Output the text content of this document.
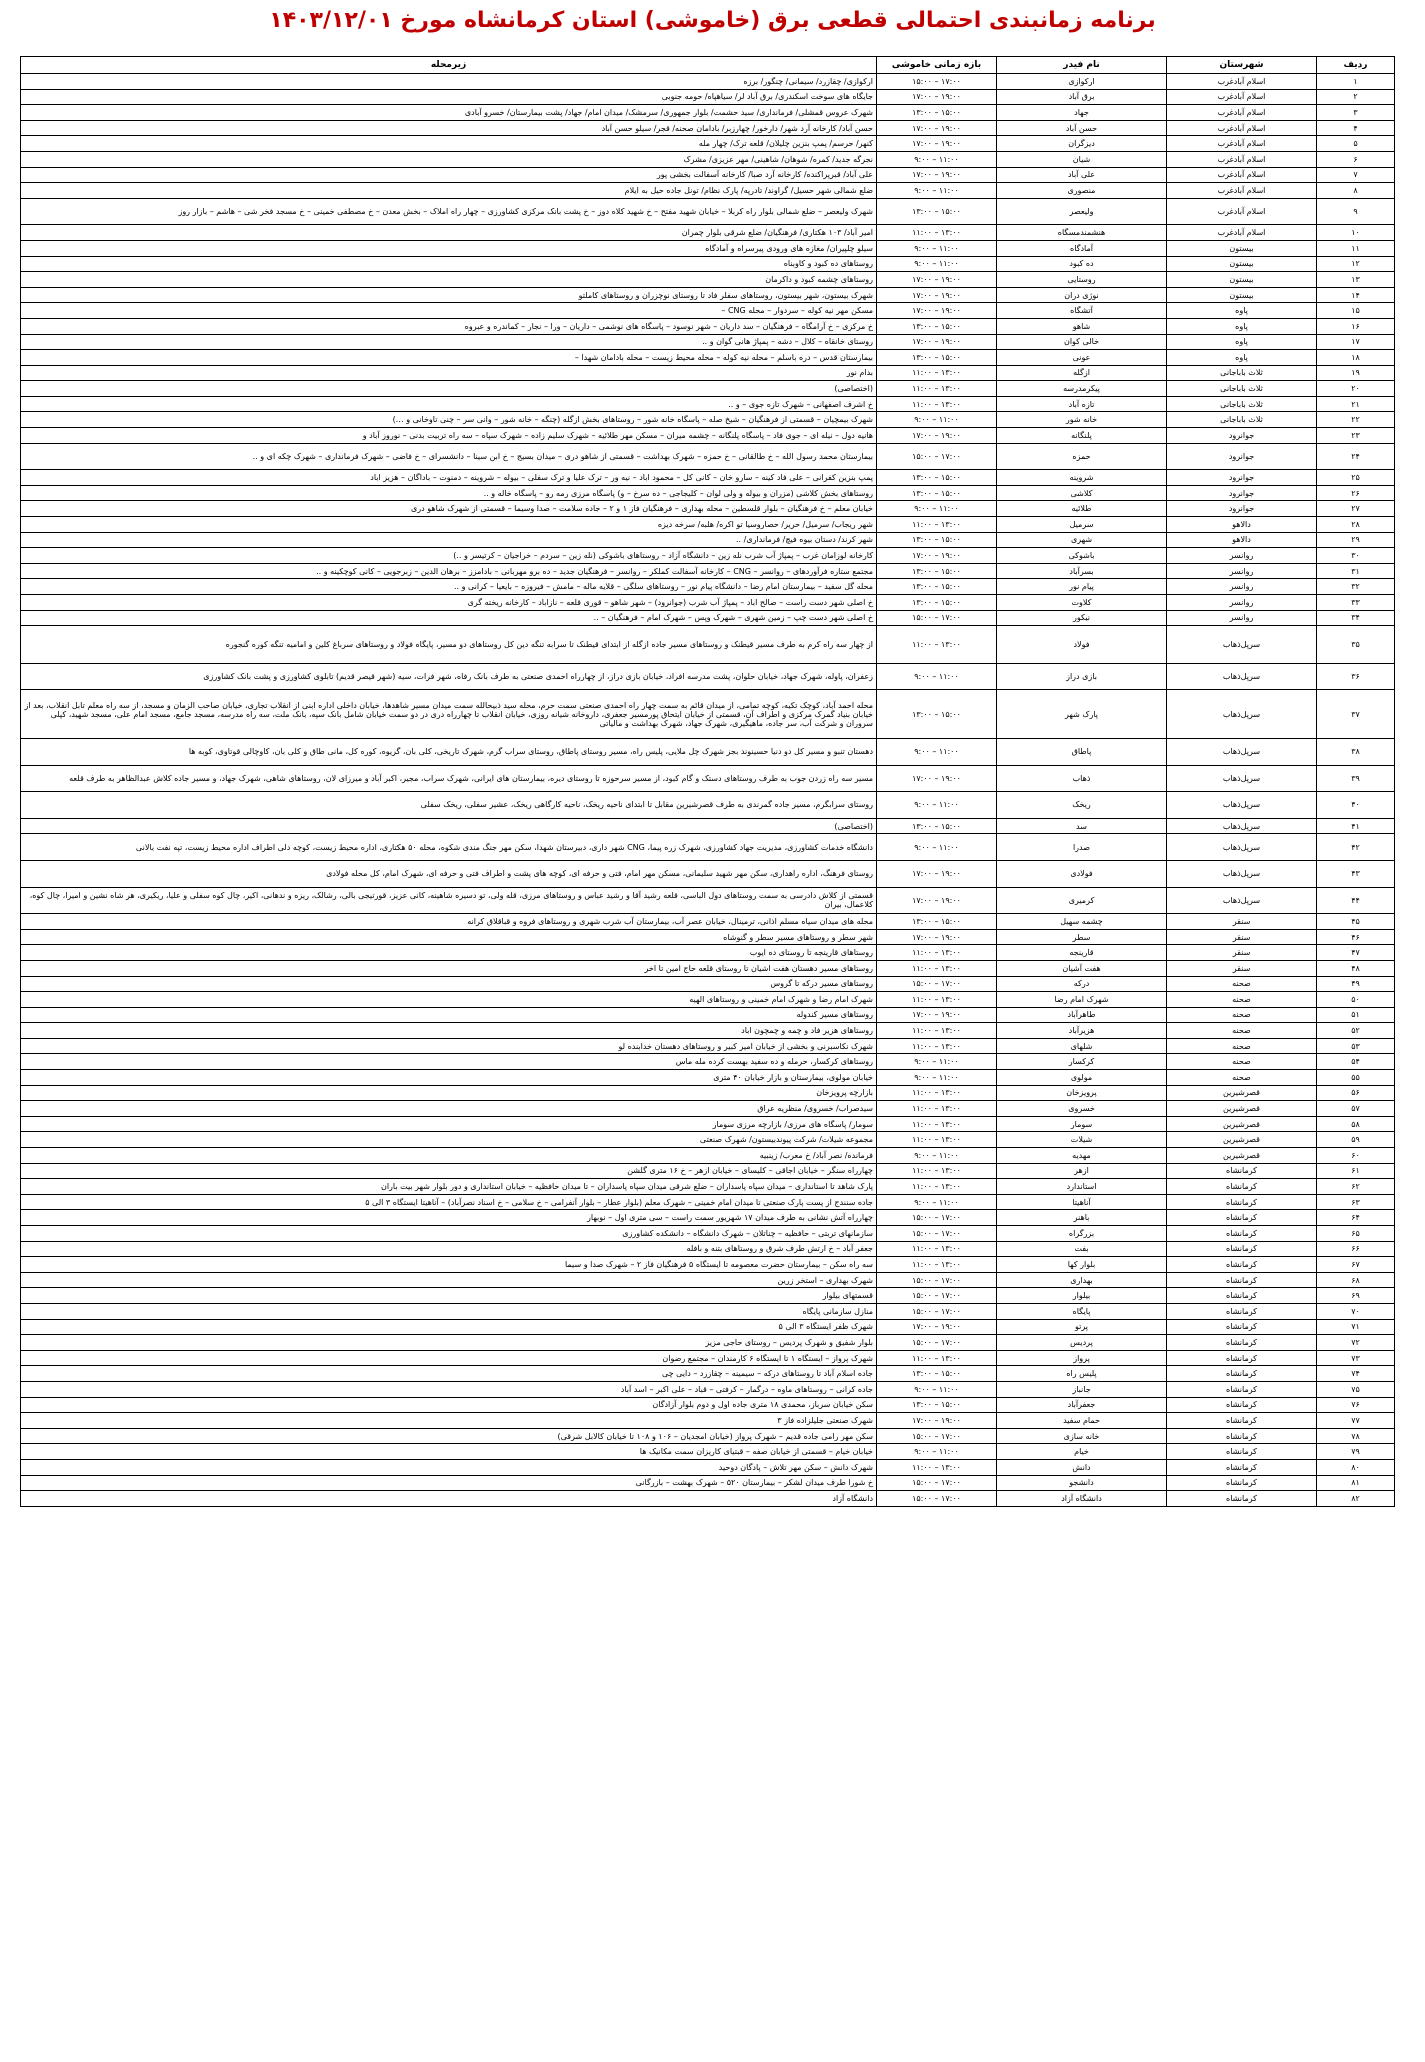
برنامه زمانبندی احتمالی قطعی برق (خاموشی) استان کرمانشاه مورخ ۱۴۰۳/۱۲/۰۱
ردیف	شهرستان	نام فیدر	بازه زمانی خاموشی	زیرمحله
۱	اسلام آبادغرب	ارکوازی	۱۵:۰۰ – ۱۷:۰۰	ارکوازی/ چقازرد/ سیمانی/ چنگور/ برزه
۲	اسلام آبادغرب	برق آباد	۱۷:۰۰ – ۱۹:۰۰	جایگاه های سوخت اسکندری/ برق آباد لر/ سیاهپاه/ حومه جنوبی
۳	اسلام آبادغرب	جهاد	۱۳:۰۰ – ۱۵:۰۰	شهرک عروس قمشلی/ فرمانداری/ سید حشمت/ بلوار جمهوری/ سرمشک/ میدان امام/ جهاد/ پشت بیمارستان/ خسرو آبادی
۴	اسلام آبادغرب	حسن آباد	۱۷:۰۰ – ۱۹:۰۰	حسن آباد/ کارخانه آرد شهر/ دارخور/ چهارزبر/ بادامان صحنه/ قجر/ سیلو حسن آباد
۵	اسلام آبادغرب	دیزگران	۱۷:۰۰ – ۱۹:۰۰	کنهر/ حرسم/ پمپ بنزین چلیلان/ قلعه ترک/ چهار مله
۶	اسلام آبادغرب	شیان	۹:۰۰ – ۱۱:۰۰	نجرگه جدید/ کمره/ شوهان/ شاهینی/ مهر عزیزی/ مشرک
۷	اسلام آبادغرب	علی آباد	۱۷:۰۰ – ۱۹:۰۰	علی آباد/ قبرپراکنده/ کارخانه آرد صبا/ کارخانه آسفالت بخشی پور
۸	اسلام آبادغرب	منصوری	۹:۰۰ – ۱۱:۰۰	ضلع شمالی شهر حسیل/ گراوند/ تادرپه/ پارک نظام/ تونل جاده حیل به ایلام
۹	اسلام آبادغرب	ولیعصر	۱۳:۰۰ – ۱۵:۰۰	شهرک ولیعصر – ضلع شمالی بلوار راه کربلا – خیابان شهید مفتح – خ شهید کلاه دوز – خ پشت بانک مرکزی کشاورزی – چهار راه املاک – بخش معدن – خ مصطفی خمینی – خ مسجد فخر شی – هاشم – بازار روز
۱۰	اسلام آبادغرب	هنشمندمسگاه	۱۱:۰۰ – ۱۳:۰۰	امیر آباد/ ۱۰۳ هکتاری/ فرهنگیان/ ضلع شرقی بلوار چمران
۱۱	بیستون	آمادگاه	۹:۰۰ – ۱۱:۰۰	سیلو چلپیران/ مغازه های ورودی پیرسراه و آمادگاه
۱۲	بیستون	ده کبود	۹:۰۰ – ۱۱:۰۰	روستاهای ده کبود و کاوبناه
۱۳	بیستون	روستایی	۱۷:۰۰ – ۱۹:۰۰	روستاهای چشمه کبود و داکرمان
۱۴	بیستون	نوژی دران	۱۷:۰۰ – ۱۹:۰۰	شهرک بیستون، شهر بیستون، روستاهای سفلر فاد تا روستای نوچزران و روستاهای کاملتو
۱۵	پاوه	آتشگاه	۱۷:۰۰ – ۱۹:۰۰	مسکن مهر نیه کوله – سردوار – محله CNG –
۱۶	پاوه	شاهو	۱۳:۰۰ – ۱۵:۰۰	خ مرکزی – خ آرامگاه – فرهنگیان – سد داریان – شهر نوسود – پاسگاه های نوشمی – داریان – ورا – نجار – کماندره و عبروه
۱۷	پاوه	خالی کوان	۱۷:۰۰ – ۱۹:۰۰	روستای خانقاه – کلال – دشه – پمپاژ هانی گوان و ..
۱۸	پاوه	عونی	۱۳:۰۰ – ۱۵:۰۰	بیمارستان قدس – دره باسلم – محله نیه کوله – محله محیط زیست – محله بادامان شهدا –
۱۹	ثلاث باباجانی	ازگله	۱۱:۰۰ – ۱۳:۰۰	بدام نور
۲۰	ثلاث باباجانی	پیکرمدرسه	۱۱:۰۰ – ۱۳:۰۰	(اختصاصی)
۲۱	ثلاث باباجانی	تازه آباد	۱۱:۰۰ – ۱۳:۰۰	خ اشرف اصفهانی – شهرک تازه جوی – و ..
۲۲	ثلاث باباجانی	خانه شور	۹:۰۰ – ۱۱:۰۰	شهرک بیمچیان – قسمتی از فرهنگیان – شیخ صله – پاسگاه خانه شور – روستاهای بخش ازگله (چنگه – خانه شور – وانی سر – چنی تاوخانی و …)
۲۳	جوانرود	پلنگانه	۱۷:۰۰ – ۱۹:۰۰	هانیه دول – نیله ای – جوی فاد – پاسگاه پلنگانه – چشمه میران – مسکن مهر طلائیه – شهرک سلیم زاده – شهرک سپاه – سه راه تربیت بدنی – نوروز آباد و
۲۴	جوانرود	حمزه	۱۵:۰۰ – ۱۷:۰۰	بیمارستان محمد رسول الله – خ طالقانی – خ حمزه – شهرک بهداشت – قسمتی از شاهو دری – میدان بسیج – خ ابن سینا – دانشسرای – خ فاضی – شهرک فرمانداری – شهرک چکه ای و ..
۲۵	جوانرود	شروینه	۱۳:۰۰ – ۱۵:۰۰	پمپ بنزین کفرانی – علی فاد کینه – سارو خان – کانی کل – محمود اباد – نیه ور – ترک علیا و ترک سفلی – بیوله – شروینه – دمنوت – باداگان – هزیز اباد
۲۶	جوانرود	کلاشی	۱۳:۰۰ – ۱۵:۰۰	روستاهای بخش کلاشی (مزران و بیوله و ولی لوان – کلیجاجی – ده سرخ – و) پاسگاه مرزی رمه رو – پاسگاه خاله و ..
۲۷	جوانرود	طلائیه	۹:۰۰ – ۱۱:۰۰	خیابان معلم – خ فرهنگیان – بلوار قلسطین – محله بهداری – فرهنگیان فاز ۱ و ۲ – جاده سلامت – صدا وسیما – قسمتی از شهرک شاهو دری
۲۸	دالاهو	سرمیل	۱۱:۰۰ – ۱۳:۰۰	شهر ریجاب/ سرمیل/ حریر/ حصاروسیا تو اکره/ هلبه/ سرخه دیزه
۲۹	دالاهو	شهری	۱۳:۰۰ – ۱۵:۰۰	شهر کرند/ دستان بیوه فیچ/ فرمانداری/ ..
۳۰	روانسر	باشوکی	۱۷:۰۰ – ۱۹:۰۰	کارخانه لوزامان غرب – پمپاژ آب شرب نله زین – دانشگاه آزاد – روستاهای باشوکی (نله زین – سردم – خراجیان – کرتیسر و ..)
۳۱	روانسر	بسرآباد	۱۳:۰۰ – ۱۵:۰۰	مجتمع ستاره فرآوردهای – روانسر – CNG – کارخانه آسفالت کملکر – روانسر – فرهنگیان جدید – ده برو مهربانی – بادامزز – برهان الدین – زبرجویی – کانی کوچکینه و ..
۳۲	روانسر	پیام نور	۱۳:۰۰ – ۱۵:۰۰	محله گل سفید – بیمارستان امام رضا – دانشگاه پیام نور – روستاهای سلگی – قلایه ماله – مامش – فیروزه – بایعیا – کرانی و ..
۳۳	روانسر	کلاوت	۱۳:۰۰ – ۱۵:۰۰	خ اصلی شهر دست راست – صالح اباد – پمپاژ آب شرب (جوانرود) – شهر شاهو – قوری قلعه – نازاباد – کارخانه ریخته گری
۳۴	روانسر	نیکور	۱۵:۰۰ – ۱۷:۰۰	خ اصلی شهر دست چپ – زمین شهری – شهرک وپس – شهرک امام – فرهنگیان – ..
۳۵	سرپل‌ذهاب	فولاد	۱۱:۰۰ – ۱۳:۰۰	از چهار سه راه کرم به طرف مسیر قیطنک و روستاهای مسیر جاده ازگله از ابتدای قیطنک تا سرابه تنگه دین کل روستاهای دو مسیر، پایگاه فولاد و روستاهای سرباغ کلین و امامیه تنگه کوره گنجوره
۳۶	سرپل‌ذهاب	بازی دراز	۹:۰۰ – ۱۱:۰۰	زعفران، پاوله، شهرک جهاد، خیابان حلوان، پشت مدرسه افراد، خیابان بازی دراز، از چهارراه احمدی صنعتی به طرف بانک رفاه، شهر فرات، سیه (شهر قیصر قدیم) تابلوی کشاورزی و پشت بانک کشاورزی
۳۷	سرپل‌ذهاب	پارک شهر	۱۳:۰۰ – ۱۵:۰۰	محله احمد آباد، کوچک تکیه، کوچه تمامی، از میدان قائم به سمت چهار راه احمدی صنعتی سمت حرم، محله سید ذبیحالله سمت میدان مسیر شاهدها، خیابان داخلی اداره ابنی از انقلاب تجاری، خیابان صاحب الزمان و مسجد، از سه راه معلم تابل انقلاب، بعد از خیابان بنیاد گمرک مرکزی و اطراف آن، قسمتی از خیابان ایتحاق پورمسیر جعفری، داروخانه شیانه روزی، خیابان انقلاب تا چهارراه دری در دو سمت خیابان شامل بانک سپه، بانک ملت، سه راه مدرسه، مسجد جامع، مسجد امام علی، مسجد شهید، کپلی سروران و شرکت آب، سر جاده، ماهیگیری، شهرک جهاد، شهرک بهداشت و مالیاتی
۳۸	سرپل‌ذهاب	پاطاق	۹:۰۰ – ۱۱:۰۰	دهستان تنبو و مسیر کل دو دنیا حسینوند بجز شهرک چل ملایی، پلیس راه، مسیر روستای پاطاق، روستای سراب گرم، شهرک تاریخی، کلی بان، گریوه، کوره کل، مانی طاق و کلی بان، کاوچالی قوتاوی، کوبه ها
۳۹	سرپل‌ذهاب	ذهاب	۱۷:۰۰ – ۱۹:۰۰	مسیر سه راه زردن جوب به طرف روستاهای دستک و گام کبود، از مسیر سرحوزه تا روستای دیره، بیمارستان های ایرانی، شهرک سراب، مجیر، اکبر آباد و میرزای لان، روستاهای شاهی، شهرک جهاد، و مسیر جاده کلاش عبدالظاهر به طرف قلعه
۴۰	سرپل‌ذهاب	ریخک	۹:۰۰ – ۱۱:۰۰	روستای سرابگرم، مسیر جاده گمرندی به طرف قصرشیرین مقابل تا ابتدای ناحیه ریخک، ناحیه کارگاهی ریخک، عشیر سفلی، ریخک سفلی
۴۱	سرپل‌ذهاب	سد	۱۳:۰۰ – ۱۵:۰۰	(اختصاصی)
۴۲	سرپل‌ذهاب	صدرا	۹:۰۰ – ۱۱:۰۰	دانشگاه خدمات کشاورزی، مدیریت جهاد کشاورزی، شهرک زره پیما، CNG شهر داری، دبیرستان شهدا، سکن مهر جنگ مندی شکوه، محله ۵۰ هکتاری، اداره محیط زیست، کوچه دلی اطراف اداره محیط زیست، تپه نفت بالانی
۴۳	سرپل‌ذهاب	فولادی	۱۷:۰۰ – ۱۹:۰۰	روستای فرهنگ، اداره راهداری، سکن مهر شهید سلیمانی، مسکن مهر امام، فتی و حرفه ای، کوچه های پشت و اطراف فتی و حرفه ای، شهرک امام، کل محله فولادی
۴۴	سرپل‌ذهاب	کرمیری	۱۷:۰۰ – ۱۹:۰۰	قسمتی از کلاش دادرسی به سمت روستاهای دول الباسی، قلعه رشید آقا و رشید عباس و روستاهای مرزی، قله ولی، تو دسیره شاهینه، کانی عزیز، قورتیجی بالی، رشالک، ریزه و ندهانی، اکیر، چال کوه سفلی و علیا، ریکیری، هر شاه نشین و امیرا، چال کوه، کلاعمال، بیران
۴۵	سنقر	چشمه سهیل	۱۳:۰۰ – ۱۵:۰۰	محله های میدان سیاه مسلم اذانی، ترمینال، خیابان عصر آب، بیمارستان آب شرب شهری و روستاهای فروه و قباقلاق کرانه
۴۶	سنقر	سطر	۱۷:۰۰ – ۱۹:۰۰	شهر سطر و روستاهای مسیر سطر و گنوشاه
۴۷	سنقر	قارینجه	۱۱:۰۰ – ۱۳:۰۰	روستاهای قارینجه تا روستای ده ایوب
۴۸	سنقر	هفت آشیان	۱۱:۰۰ – ۱۳:۰۰	روستاهای مسیر دهستان هفت اشیان تا روستای قلعه حاج امین تا اخر
۴۹	صحنه	درکه	۱۵:۰۰ – ۱۷:۰۰	روستاهای مسیر درکه تا گروس
۵۰	صحنه	شهرک امام رضا	۱۱:۰۰ – ۱۳:۰۰	شهرک امام رضا و شهرک امام خمینی و روستاهای الهیه
۵۱	صحنه	طاهرآباد	۱۷:۰۰ – ۱۹:۰۰	روستاهای مسیر کندوله
۵۲	صحنه	هزیرآباد	۱۱:۰۰ – ۱۳:۰۰	روستاهای هزیر فاد و چمه و چمچون اباد
۵۳	صحنه	شلهای	۱۱:۰۰ – ۱۳:۰۰	شهرک نکاسبرنی و بخشی از خیابان امیر کبیر و روستاهای دهستان خدابنده لو
۵۴	صحنه	کرکسار	۹:۰۰ – ۱۱:۰۰	روستاهای کرکسار، حرمله و ده سفید بهست کرده مله ماس
۵۵	صحنه	مولوی	۹:۰۰ – ۱۱:۰۰	خیابان مولوی، بیمارستان و بازار خیابان ۴۰ متری
۵۶	قصرشیرین	پرویزخان	۱۱:۰۰ – ۱۳:۰۰	بازارچه پرویزخان
۵۷	قصرشیرین	خسروی	۱۱:۰۰ – ۱۳:۰۰	سیدصراب/ خسروی/ منظریه عراق
۵۸	قصرشیرین	سومار	۱۱:۰۰ – ۱۳:۰۰	سومار/ پاسگاه های مرزی/ بازارچه مرزی سومار
۵۹	قصرشیرین	شیلات	۱۱:۰۰ – ۱۳:۰۰	مجموعه شیلات/ شرکت پیوندبیستون/ شهرک صنعتی
۶۰	قصرشیرین	مهدیه	۹:۰۰ – ۱۱:۰۰	فرمانده/ نصر آباد/ خ معرب/ زینبیه
۶۱	کرمانشاه	ازهر	۱۱:۰۰ – ۱۳:۰۰	چهارراه سنگر – خیابان اجاقی – کلیسای – خیابان ازهر – خ ۱۶ متری گلشن
۶۲	کرمانشاه	استاندارد	۱۱:۰۰ – ۱۳:۰۰	پارک شاهد تا استانداری – میدان سپاه پاسداران – ضلع شرقی میدان سپاه پاسداران – تا میدان حافظیه – خیابان استانداری و دور بلوار شهر بیت باران
۶۳	کرمانشاه	آناهیتا	۹:۰۰ – ۱۱:۰۰	جاده سنندج از پست پارک صنعتی تا میدان امام خمینی – شهرک معلم (بلوار عطار – بلوار آنفرامی – خ سلامی – خ اسناد نصرآباد) – آناهیتا ایستگاه ۳ الی ۵
۶۴	کرمانشاه	باهنر	۱۵:۰۰ – ۱۷:۰۰	چهارراه آتش نشانی به طرف میدان ۱۷ شهریور سمت راست – سی متری اول – نوبهار
۶۵	کرمانشاه	بزرگراه	۱۵:۰۰ – ۱۷:۰۰	سازمانهای تربتی – حافظیه – چناتلان – شهرک دانشگاه – دانشکده کشاورزی
۶۶	کرمانشاه	بفت	۱۱:۰۰ – ۱۳:۰۰	جعفر آباد – خ ارتش طرف شرق و روستاهای بتنه و بافله
۶۷	کرمانشاه	بلوار کها	۱۱:۰۰ – ۱۳:۰۰	سه راه سکن – بیمارستان حضرت معصومه تا ایستگاه ۵ فرهنگیان فاز ۲ – شهرک صدا و سیما
۶۸	کرمانشاه	بهداری	۱۵:۰۰ – ۱۷:۰۰	شهرک بهداری – استخر زرین
۶۹	کرمانشاه	بیلوار	۱۵:۰۰ – ۱۷:۰۰	قسمتهای بیلوار
۷۰	کرمانشاه	پایگاه	۱۵:۰۰ – ۱۷:۰۰	منازل سازمانی پایگاه
۷۱	کرمانشاه	پرتو	۱۷:۰۰ – ۱۹:۰۰	شهرک ظفر ایستگاه ۳ الی ۵
۷۲	کرمانشاه	پردیس	۱۵:۰۰ – ۱۷:۰۰	بلوار شفیق و شهرک پردیس – روستای حاجی مزیز
۷۳	کرمانشاه	پرواز	۱۱:۰۰ – ۱۳:۰۰	شهرک پرواز – ایستگاه ۱ تا ایستگاه ۶ کارمندان – مجتمع رضوان
۷۴	کرمانشاه	پلیس راه	۱۳:۰۰ – ۱۵:۰۰	جاده اسلام آباد تا روستاهای درکه – سیمینه – چقازرد – دایی چی
۷۵	کرمانشاه	جانباز	۹:۰۰ – ۱۱:۰۰	جاده کرانی – روستاهای ماوه – درگمار – کرفتی – قباد – علی اکبر – اسد آباد
۷۶	کرمانشاه	جعفرآباد	۱۳:۰۰ – ۱۵:۰۰	سکن خیابان سرباز، محمدی ۱۸ متری جاده اول و دوم بلوار آزادگان
۷۷	کرمانشاه	حمام سفید	۱۷:۰۰ – ۱۹:۰۰	شهرک صنعتی جلیلزاده فاز ۳
۷۸	کرمانشاه	خانه سازی	۱۵:۰۰ – ۱۷:۰۰	سکن مهر رامی جاده قدیم – شهرک پرواز (خیابان امجدیان – ۱۰۶ و ۱۰۸ تا خیابان کالابل شرقی)
۷۹	کرمانشاه	خیام	۹:۰۰ – ۱۱:۰۰	خیابان خیام – قسمتی از خیابان صفه – قبتیای کاریزان سمت مکانیک ها
۸۰	کرمانشاه	دانش	۱۱:۰۰ – ۱۳:۰۰	شهرک دانش – سکن مهر تلاش – پادگان دوحید
۸۱	کرمانشاه	دانشجو	۱۵:۰۰ – ۱۷:۰۰	خ شورا طرف میدان لشکر – بیمارستان ۵۲۰ – شهرک بهشت – بازرگانی
۸۲	کرمانشاه	دانشگاه آزاد	۱۵:۰۰ – ۱۷:۰۰	دانشگاه آزاد
